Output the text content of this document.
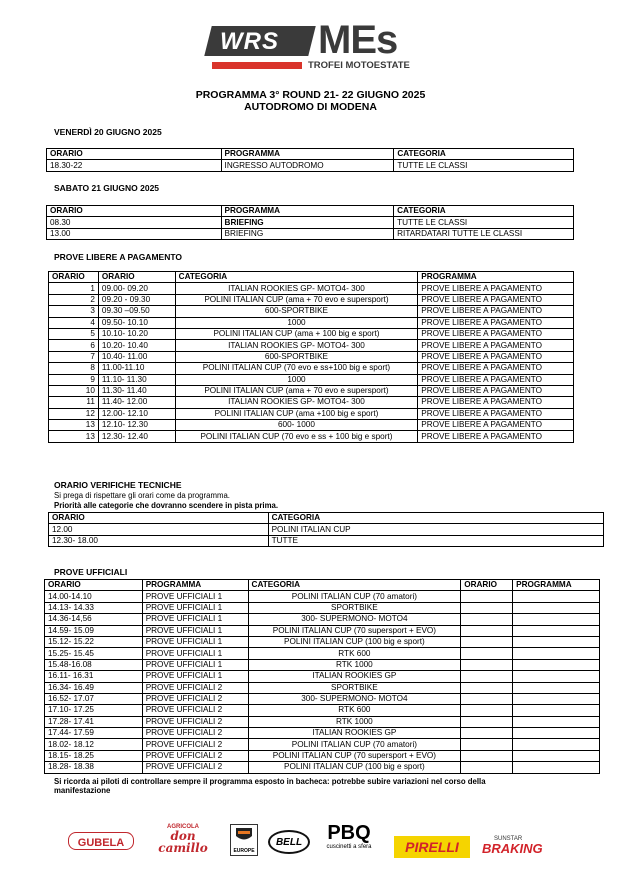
WRS MEs
TROFEI MOTOESTATE
PROGRAMMA 3° ROUND 21- 22 GIUGNO 2025
AUTODROMO DI MODENA
VENERDÌ 20 GIUGNO 2025
ORARIO	PROGRAMMA	CATEGORIA
18.30-22	INGRESSO AUTODROMO	TUTTE LE CLASSI
SABATO 21 GIUGNO 2025
ORARIO	PROGRAMMA	CATEGORIA
08.30	BRIEFING	TUTTE LE CLASSI
13.00	BRIEFING	RITARDATARI TUTTE LE CLASSI
PROVE LIBERE A PAGAMENTO
ORARIO	ORARIO	CATEGORIA	PROGRAMMA
1	09.00- 09.20	ITALIAN ROOKIES GP- MOTO4- 300	PROVE LIBERE A PAGAMENTO
2	09.20 - 09.30	POLINI ITALIAN CUP (ama + 70 evo e supersport)	PROVE LIBERE A PAGAMENTO
3	09.30 –09.50	600-SPORTBIKE	PROVE LIBERE A PAGAMENTO
4	09.50- 10.10	1000	PROVE LIBERE A PAGAMENTO
5	10.10- 10.20	POLINI ITALIAN CUP (ama + 100 big e sport)	PROVE LIBERE A PAGAMENTO
6	10.20- 10.40	ITALIAN ROOKIES GP- MOTO4- 300	PROVE LIBERE A PAGAMENTO
7	10.40- 11.00	600-SPORTBIKE	PROVE LIBERE A PAGAMENTO
8	11.00-11.10	POLINI ITALIAN CUP (70 evo e ss+100 big e sport)	PROVE LIBERE A PAGAMENTO
9	11.10- 11.30	1000	PROVE LIBERE A PAGAMENTO
10	11.30- 11.40	POLINI ITALIAN CUP (ama + 70 evo e supersport)	PROVE LIBERE A PAGAMENTO
11	11.40- 12.00	ITALIAN ROOKIES GP- MOTO4- 300	PROVE LIBERE A PAGAMENTO
12	12.00- 12.10	POLINI ITALIAN CUP (ama +100 big e sport)	PROVE LIBERE A PAGAMENTO
13	12.10- 12.30	600- 1000	PROVE LIBERE A PAGAMENTO
13	12.30- 12.40	POLINI ITALIAN CUP (70 evo e ss + 100 big e sport)	PROVE LIBERE A PAGAMENTO
ORARIO VERIFICHE TECNICHE
Si prega di rispettare gli orari come da programma.
Priorità alle categorie che dovranno scendere in pista prima.
ORARIO	CATEGORIA
12.00	POLINI ITALIAN CUP
12.30- 18.00	TUTTE
PROVE UFFICIALI
ORARIO	PROGRAMMA	CATEGORIA	ORARIO	PROGRAMMA
14.00-14.10	PROVE UFFICIALI 1	POLINI ITALIAN CUP (70 amatori)		
14.13- 14.33	PROVE UFFICIALI 1	SPORTBIKE		
14.36-14,56	PROVE UFFICIALI 1	300- SUPERMONO- MOTO4		
14.59- 15.09	PROVE UFFICIALI 1	POLINI ITALIAN CUP (70 supersport + EVO)		
15.12- 15.22	PROVE UFFICIALI 1	POLINI ITALIAN CUP (100 big e sport)		
15.25- 15.45	PROVE UFFICIALI 1	RTK 600		
15.48-16.08	PROVE UFFICIALI 1	RTK 1000		
16.11- 16.31	PROVE UFFICIALI 1	ITALIAN ROOKIES GP		
16.34- 16.49	PROVE UFFICIALI 2	SPORTBIKE		
16.52- 17.07	PROVE UFFICIALI 2	300- SUPERMONO- MOTO4		
17.10- 17.25	PROVE UFFICIALI 2	RTK 600		
17.28- 17.41	PROVE UFFICIALI 2	RTK 1000		
17.44- 17.59	PROVE UFFICIALI 2	ITALIAN ROOKIES GP		
18.02- 18.12	PROVE UFFICIALI 2	POLINI ITALIAN CUP (70 amatori)		
18.15- 18.25	PROVE UFFICIALI 2	POLINI ITALIAN CUP (70 supersport + EVO)		
18.28- 18.38	PROVE UFFICIALI 2	POLINI ITALIAN CUP (100 big e sport)		
Si ricorda ai piloti di controllare sempre il programma esposto in bacheca: potrebbe subire variazioni nel corso della manifestazione
GUBELA
AGRICOLA
don camillo	EUROPE
BELL	PBQ
cuscinetti a sfera	PIRELLI	SUNSTAR
BRAKING
